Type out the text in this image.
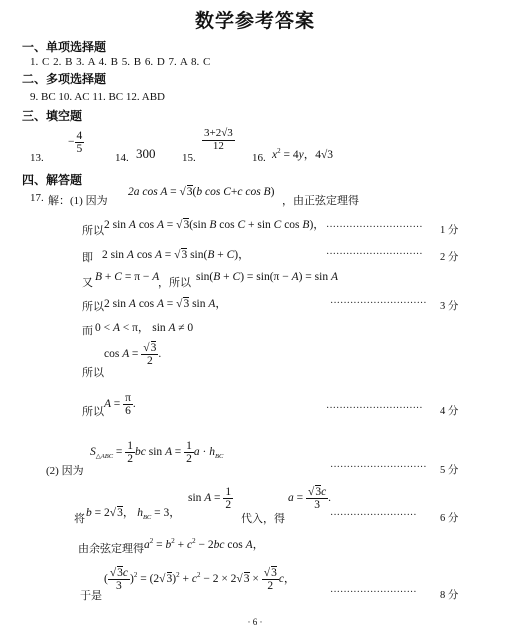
数学参考答案
一、单项选择题
1. C 2. B 3. A 4. B 5. B 6. D 7. A 8. C
二、多项选择题
9. BC 10. AC 11. BC 12. ABD
三、填空题
13.
− $\frac{4}{5}$
14. 300 15.
$\frac{3+2√3}{12}$
16. $x^2 = 4y$，4√3
四、解答题
17. 解：(1) 因为
2a cos A = √3(b cos C+c cos B)
，由正弦定理得
所以 2 sin A cos A = √3(sin B cos C + sin C cos B)， ····························· 1 分
即 2 sin A cos A = √3 sin(B + C)，	····························· 2 分
又 B + C = π − A
，所以 sin(B + C) = sin(π − A) = sin A
所以 2 sin A cos A = √3 sin A，	····························· 3 分
而 0 < A < π， sin A ≠ 0
所以
$\cos A = \frac{√3}{2}$ .
所以
$A = \frac{\pi}{6}$ .	····························· 4 分
(2) 因为
$S_{\triangle ABC} = \frac{1}{2}$ bc $\sin A = \frac{1}{2}$ $a \cdot h_{BC}$
····························· 5 分
将 b = 2√3， $h_{BC} = 3$，
$\sin A = \frac{1}{2}$
代入，得
$a = \frac{√3c}{3}$ .
·························· 6 分
由余弦定理得 $a^2 = b^2 + c^2 - 2bc$ cos A，
于是
( $\frac{√3c}{3} )^2 = (2√3)^2 + c^2 - 2 \times 2√3 \times \frac{√3}{2}$ c，
·························· 8 分
· 6 ·
